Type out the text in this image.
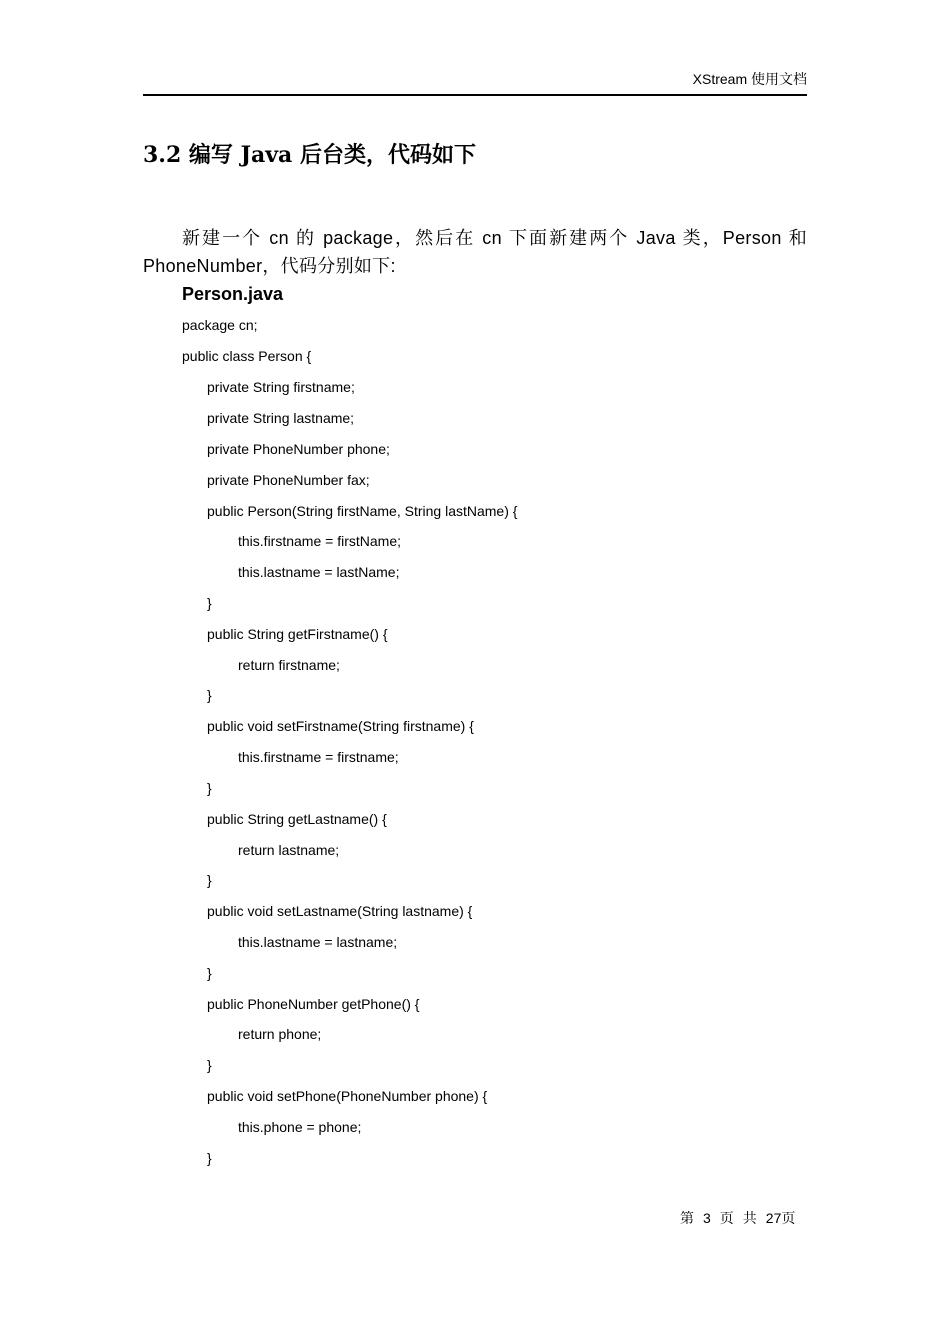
XStream 使用文档
3.2 编写 Java 后台类，代码如下

新建一个 cn 的 package，然后在 cn 下面新建两个 Java 类，Person 和 PhoneNumber，代码分别如下:

Person.java
package cn;
public class Person {
private String firstname;
private String lastname;
private PhoneNumber phone;
private PhoneNumber fax;
public Person(String firstName, String lastName) {
this.firstname = firstName;
this.lastname = lastName;
}
public String getFirstname() {
return firstname;
}
public void setFirstname(String firstname) {
this.firstname = firstname;
}
public String getLastname() {
return lastname;
}
public void setLastname(String lastname) {
this.lastname = lastname;
}
public PhoneNumber getPhone() {
return phone;
}
public void setPhone(PhoneNumber phone) {
this.phone = phone;
}
第 3 页 共 27页
